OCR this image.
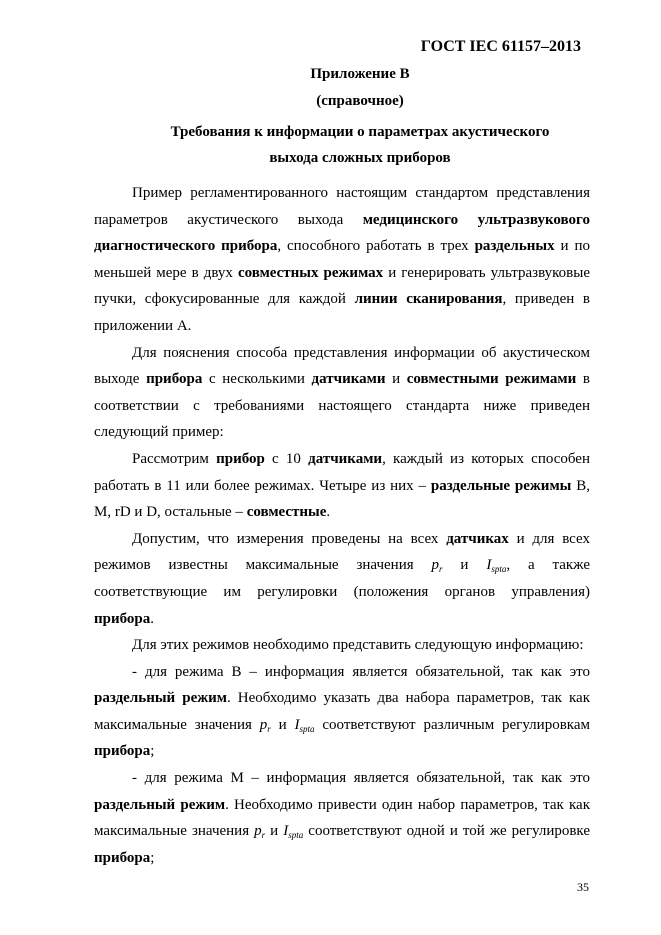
ГОСТ IEC 61157–2013
Приложение B
(справочное)
Требования к информации о параметрах акустического
выхода сложных приборов

Пример регламентированного настоящим стандартом представления параметров акустического выхода медицинского ультразвукового диагностического прибора, способного работать в трех раздельных и по меньшей мере в двух совместных режимах и генерировать ультразвуковые пучки, сфокусированные для каждой линии сканирования, приведен в приложении А.

Для пояснения способа представления информации об акустическом выходе прибора с несколькими датчиками и совместными режимами в соответствии с требованиями настоящего стандарта ниже приведен следующий пример:

Рассмотрим прибор с 10 датчиками, каждый из которых способен работать в 11 или более режимах. Четыре из них – раздельные режимы B, M, rD и D, остальные – совместные.

Допустим, что измерения проведены на всех датчиках и для всех режимов известны максимальные значения $p_r$ и $I_{spta}$, а также соответствующие им регулировки (положения органов управления) прибора.

Для этих режимов необходимо представить следующую информацию:

- для режима B – информация является обязательной, так как это раздельный режим. Необходимо указать два набора параметров, так как максимальные значения $p_r$ и $I_{spta}$ соответствуют различным регулировкам прибора;

- для режима M – информация является обязательной, так как это раздельный режим. Необходимо привести один набор параметров, так как максимальные значения $p_r$ и $I_{spta}$ соответствуют одной и той же регулировке прибора;

35
